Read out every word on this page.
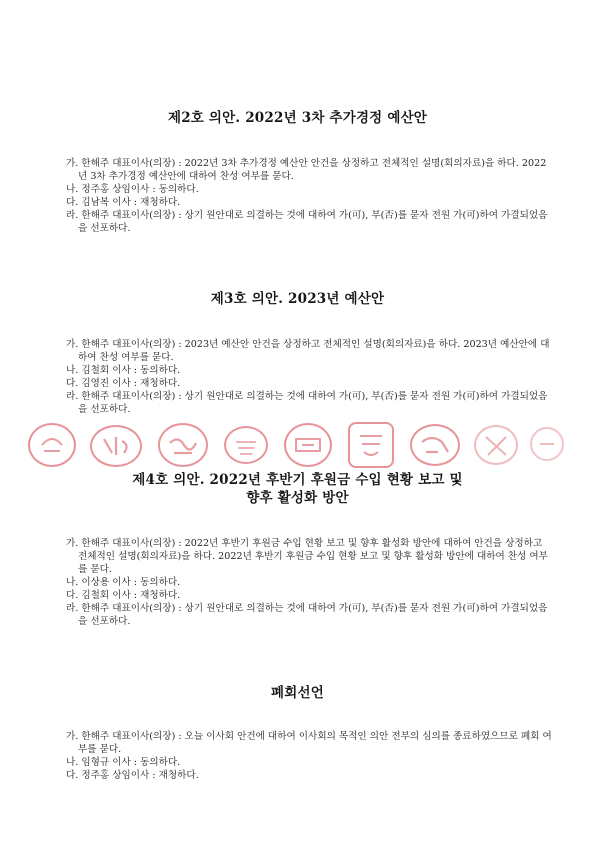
제2호 의안. 2022년 3차 추가경정 예산안
가. 한해주 대표이사(의장) : 2022년 3차 추가경정 예산안 안건을 상정하고 전체적인 설명(회의자료)을 하다. 2022년 3차 추가경정 예산안에 대하여 찬성 여부를 묻다.
나. 정주홍 상임이사 : 동의하다.
다. 김남복 이사 : 재청하다.
라. 한해주 대표이사(의장) : 상기 원안대로 의결하는 것에 대하여 가(可), 부(否)를 묻자 전원 가(可)하여 가결되었음을 선포하다.
제3호 의안. 2023년 예산안
가. 한해주 대표이사(의장) : 2023년 예산안 안건을 상정하고 전체적인 설명(회의자료)을 하다. 2023년 예산안에 대하여 찬성 여부를 묻다.
나. 김철회 이사 : 동의하다.
다. 김영진 이사 : 재청하다.
라. 한해주 대표이사(의장) : 상기 원안대로 의결하는 것에 대하여 가(可), 부(否)를 묻자 전원 가(可)하여 가결되었음을 선포하다.
제4호 의안. 2022년 후반기 후원금 수입 현황 보고 및
향후 활성화 방안
가. 한해주 대표이사(의장) : 2022년 후반기 후원금 수입 현황 보고 및 향후 활성화 방안에 대하여 안건을 상정하고 전체적인 설명(회의자료)을 하다. 2022년 후반기 후원금 수입 현황 보고 및 향후 활성화 방안에 대하여 찬성 여부를 묻다.
나. 이상용 이사 : 동의하다.
다. 김철회 이사 : 재청하다.
라. 한해주 대표이사(의장) : 상기 원안대로 의결하는 것에 대하여 가(可), 부(否)를 묻자 전원 가(可)하여 가결되었음을 선포하다.
폐회선언
가. 한해주 대표이사(의장) : 오늘 이사회 안건에 대하여 이사회의 목적인 의안 전부의 심의를 종료하였으므로 폐회 여부를 묻다.
나. 임형규 이사 : 동의하다.
다. 정주홍 상임이사 : 재청하다.
